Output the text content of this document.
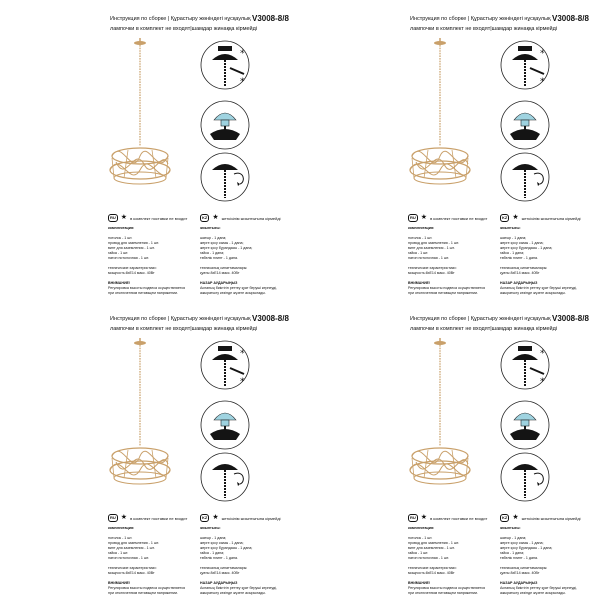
Инструкция по сборке | Құрастыру жөніндегі нұсқаулық V3008-8/8
лампочки в комплект не входят|шамдар жинаққа кірмейді
*
*
RU ★ в комплект поставки не входит	KZ ★ жеткізілім жиынтығына кірмейді
комплектация:
потолок - 1 шт.
провод для заземления - 1 шт.
винт для заземления - 1 шт.
гайка - 1 шт.
патон потолочная - 1 шт.
технические характеристики:
мощность:8хE14 макс. 40Вт
ВНИМАНИЕ!
Регулировка высоты подвеса осуществляется
при отключенном питающем напряжении.
жиынтығы:
шатыр - 1 дана;
жерге қосу сымы - 1 дана;
жерге қосу бұрандасы - 1 дана;
гайка - 1 дана;
төбелік плинт - 1 дана.
техникалық сипаттамалары:
қуаты 8хE14 макс. 40Вт
НАЗАР АУДАРЫҢЫЗ
Аспаның биіктігін реттеу қуат берушi кернеуді,
ажыратылу кезінде жүзеге асырылады.
Инструкция по сборке | Құрастыру жөніндегі нұсқаулық V3008-8/8
лампочки в комплект не входят|шамдар жинаққа кірмейді
*
*
RU ★ в комплект поставки не входит	KZ ★ жеткізілім жиынтығына кірмейді
комплектация:
потолок - 1 шт.
провод для заземления - 1 шт.
винт для заземления - 1 шт.
гайка - 1 шт.
патон потолочная - 1 шт.
технические характеристики:
мощность:8хE14 макс. 40Вт
ВНИМАНИЕ!
Регулировка высоты подвеса осуществляется
при отключенном питающем напряжении.
жиынтығы:
шатыр - 1 дана;
жерге қосу сымы - 1 дана;
жерге қосу бұрандасы - 1 дана;
гайка - 1 дана;
төбелік плинт - 1 дана.
техникалық сипаттамалары:
қуаты 8хE14 макс. 40Вт
НАЗАР АУДАРЫҢЫЗ
Аспаның биіктігін реттеу қуат берушi кернеуді,
ажыратылу кезінде жүзеге асырылады.
Инструкция по сборке | Құрастыру жөніндегі нұсқаулық V3008-8/8
лампочки в комплект не входят|шамдар жинаққа кірмейді
*
*
RU ★ в комплект поставки не входит	KZ ★ жеткізілім жиынтығына кірмейді
комплектация:
потолок - 1 шт.
провод для заземления - 1 шт.
винт для заземления - 1 шт.
гайка - 1 шт.
патон потолочная - 1 шт.
технические характеристики:
мощность:8хE14 макс. 40Вт
ВНИМАНИЕ!
Регулировка высоты подвеса осуществляется
при отключенном питающем напряжении.
жиынтығы:
шатыр - 1 дана;
жерге қосу сымы - 1 дана;
жерге қосу бұрандасы - 1 дана;
гайка - 1 дана;
төбелік плинт - 1 дана.
техникалық сипаттамалары:
қуаты 8хE14 макс. 40Вт
НАЗАР АУДАРЫҢЫЗ
Аспаның биіктігін реттеу қуат берушi кернеуді,
ажыратылу кезінде жүзеге асырылады.
Инструкция по сборке | Құрастыру жөніндегі нұсқаулық V3008-8/8
лампочки в комплект не входят|шамдар жинаққа кірмейді
*
*
RU ★ в комплект поставки не входит	KZ ★ жеткізілім жиынтығына кірмейді
комплектация:
потолок - 1 шт.
провод для заземления - 1 шт.
винт для заземления - 1 шт.
гайка - 1 шт.
патон потолочная - 1 шт.
технические характеристики:
мощность:8хE14 макс. 40Вт
ВНИМАНИЕ!
Регулировка высоты подвеса осуществляется
при отключенном питающем напряжении.
жиынтығы:
шатыр - 1 дана;
жерге қосу сымы - 1 дана;
жерге қосу бұрандасы - 1 дана;
гайка - 1 дана;
төбелік плинт - 1 дана.
техникалық сипаттамалары:
қуаты 8хE14 макс. 40Вт
НАЗАР АУДАРЫҢЫЗ
Аспаның биіктігін реттеу қуат берушi кернеуді,
ажыратылу кезінде жүзеге асырылады.
